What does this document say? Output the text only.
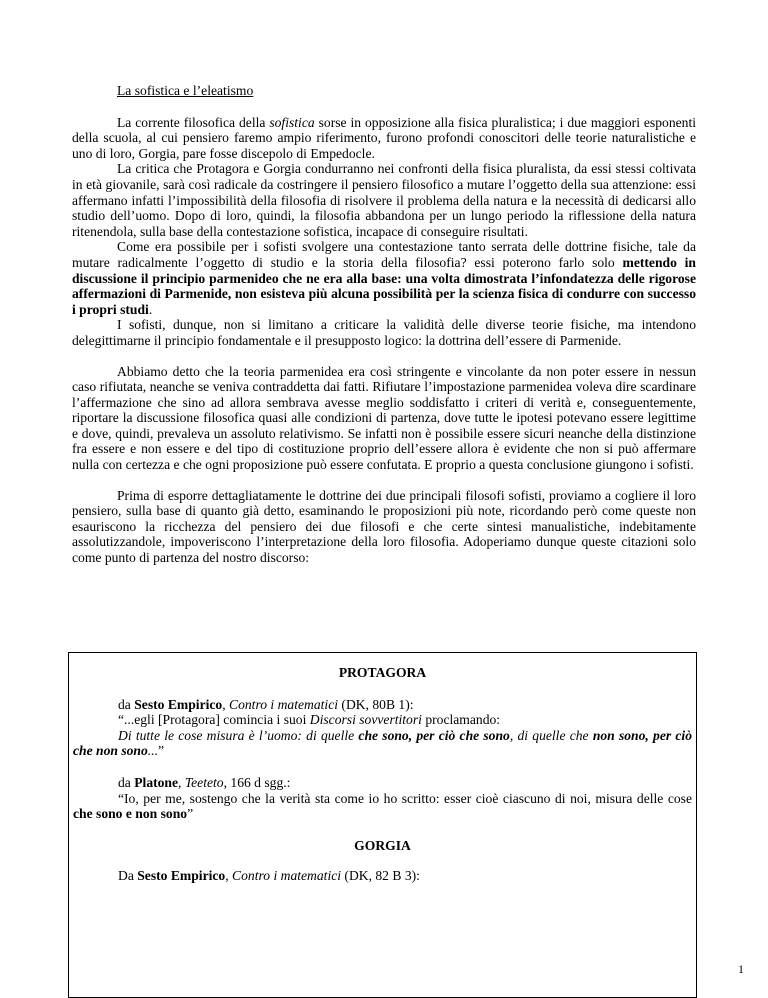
La sofistica e l’eleatismo

La corrente filosofica della sofistica sorse in opposizione alla fisica pluralistica; i due maggiori esponenti della scuola, al cui pensiero faremo ampio riferimento, furono profondi conoscitori delle teorie naturalistiche e uno di loro, Gorgia, pare fosse discepolo di Empedocle.

La critica che Protagora e Gorgia condurranno nei confronti della fisica pluralista, da essi stessi coltivata in età giovanile, sarà così radicale da costringere il pensiero filosofico a mutare l’oggetto della sua attenzione: essi affermano infatti l’impossibilità della filosofia di risolvere il problema della natura e la necessità di dedicarsi allo studio dell’uomo. Dopo di loro, quindi, la filosofia abbandona per un lungo periodo la riflessione della natura ritenendola, sulla base della contestazione sofistica, incapace di conseguire risultati.

Come era possibile per i sofisti svolgere una contestazione tanto serrata delle dottrine fisiche, tale da mutare radicalmente l’oggetto di studio e la storia della filosofia? essi poterono farlo solo mettendo in discussione il principio parmenideo che ne era alla base: una volta dimostrata l’infondatezza delle rigorose affermazioni di Parmenide, non esisteva più alcuna possibilità per la scienza fisica di condurre con successo i propri studi.

I sofisti, dunque, non si limitano a criticare la validità delle diverse teorie fisiche, ma intendono delegittimarne il principio fondamentale e il presupposto logico: la dottrina dell’essere di Parmenide.

Abbiamo detto che la teoria parmenidea era così stringente e vincolante da non poter essere in nessun caso rifiutata, neanche se veniva contraddetta dai fatti. Rifiutare l’impostazione parmenidea voleva dire scardinare l’affermazione che sino ad allora sembrava avesse meglio soddisfatto i criteri di verità e, conseguentemente, riportare la discussione filosofica quasi alle condizioni di partenza, dove tutte le ipotesi potevano essere legittime e dove, quindi, prevaleva un assoluto relativismo. Se infatti non è possibile essere sicuri neanche della distinzione fra essere e non essere e del tipo di costituzione proprio dell’essere allora è evidente che non si può affermare nulla con certezza e che ogni proposizione può essere confutata. E proprio a questa conclusione giungono i sofisti.

Prima di esporre dettagliatamente le dottrine dei due principali filosofi sofisti, proviamo a cogliere il loro pensiero, sulla base di quanto già detto, esaminando le proposizioni più note, ricordando però come queste non esauriscono la ricchezza del pensiero dei due filosofi e che certe sintesi manualistiche, indebitamente assolutizzandole, impoveriscono l’interpretazione della loro filosofia. Adoperiamo dunque queste citazioni solo come punto di partenza del nostro discorso:

PROTAGORA

da Sesto Empirico, Contro i matematici (DK, 80B 1):

“...egli [Protagora] comincia i suoi Discorsi sovvertitori proclamando:

Di tutte le cose misura è l’uomo: di quelle che sono, per ciò che sono, di quelle che non sono, per ciò che non sono...”

da Platone, Teeteto, 166 d sgg.:

“Io, per me, sostengo che la verità sta come io ho scritto: esser cioè ciascuno di noi, misura delle cose che sono e non sono”

GORGIA

Da Sesto Empirico, Contro i matematici (DK, 82 B 3):

1
